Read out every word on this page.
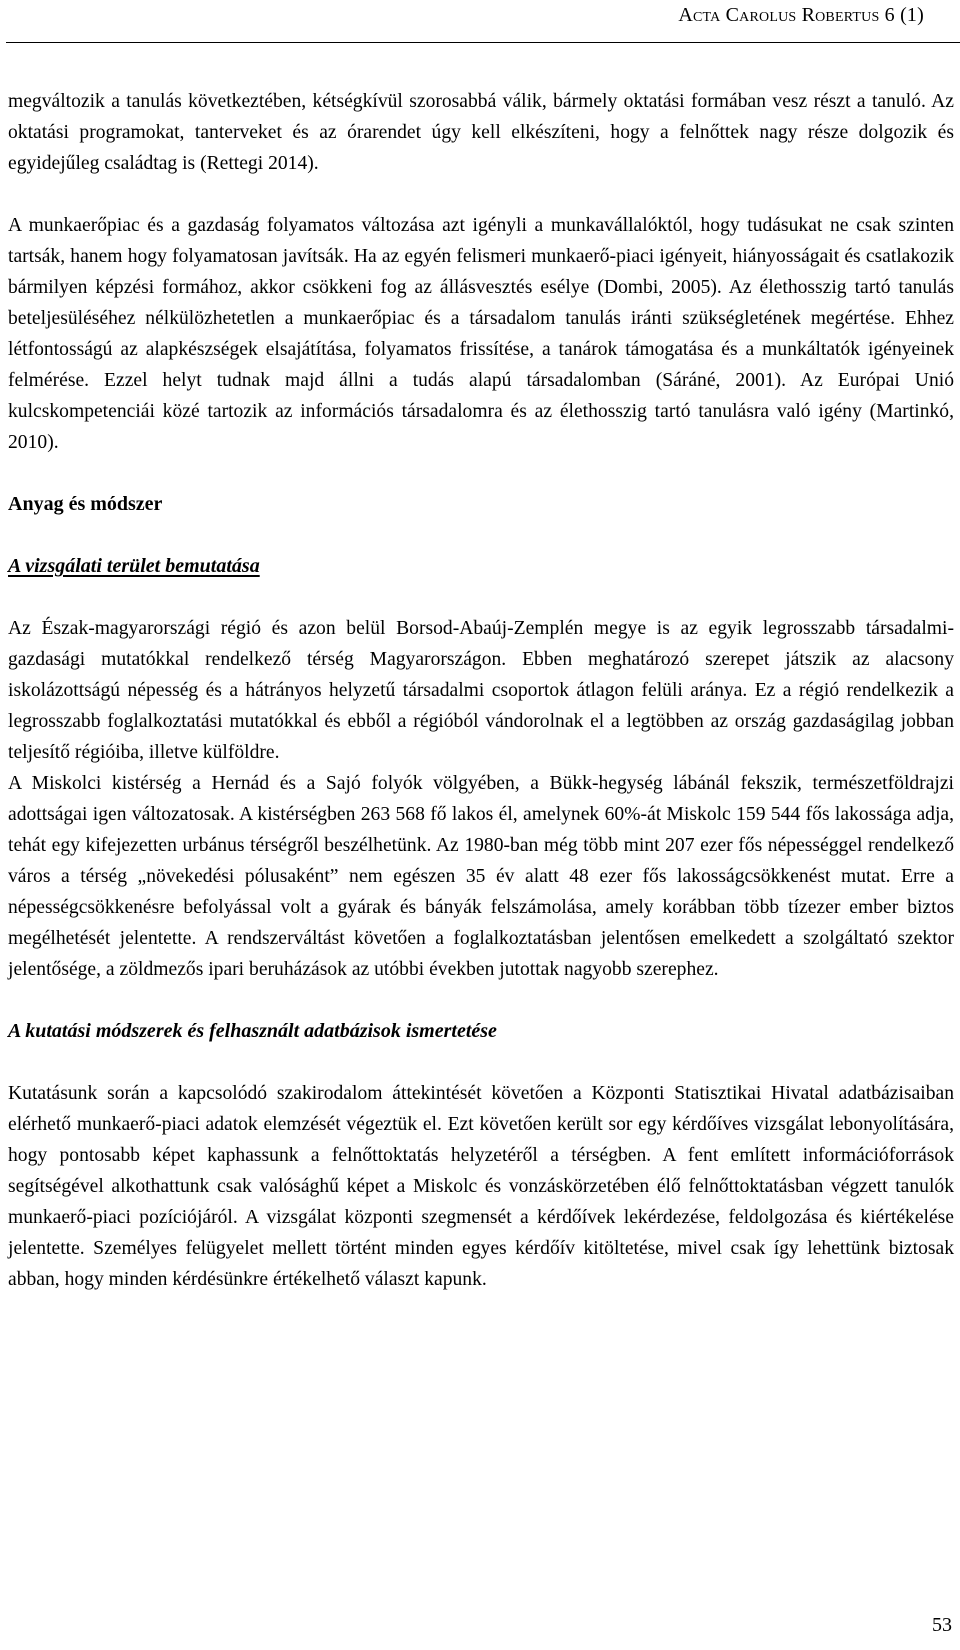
Acta Carolus Robertus 6 (1)

megváltozik a tanulás következtében, kétségkívül szorosabbá válik, bármely oktatási formában vesz részt a tanuló. Az oktatási programokat, tanterveket és az órarendet úgy kell elkészíteni, hogy a felnőttek nagy része dolgozik és egyidejűleg családtag is (Rettegi 2014).

A munkaerőpiac és a gazdaság folyamatos változása azt igényli a munkavállalóktól, hogy tudásukat ne csak szinten tartsák, hanem hogy folyamatosan javítsák. Ha az egyén felismeri munkaerő-piaci igényeit, hiányosságait és csatlakozik bármilyen képzési formához, akkor csökkeni fog az állásvesztés esélye (Dombi, 2005). Az élethosszig tartó tanulás beteljesüléséhez nélkülözhetetlen a munkaerőpiac és a társadalom tanulás iránti szükségletének megértése. Ehhez létfontosságú az alapkészségek elsajátítása, folyamatos frissítése, a tanárok támogatása és a munkáltatók igényeinek felmérése. Ezzel helyt tudnak majd állni a tudás alapú társadalomban (Sáráné, 2001). Az Európai Unió kulcskompetenciái közé tartozik az információs társadalomra és az élethosszig tartó tanulásra való igény (Martinkó, 2010).

Anyag és módszer

A vizsgálati terület bemutatása

Az Észak-magyarországi régió és azon belül Borsod-Abaúj-Zemplén megye is az egyik legrosszabb társadalmi-gazdasági mutatókkal rendelkező térség Magyarországon. Ebben meghatározó szerepet játszik az alacsony iskolázottságú népesség és a hátrányos helyzetű társadalmi csoportok átlagon felüli aránya. Ez a régió rendelkezik a legrosszabb foglalkoztatási mutatókkal és ebből a régióból vándorolnak el a legtöbben az ország gazdaságilag jobban teljesítő régióiba, illetve külföldre.

A Miskolci kistérség a Hernád és a Sajó folyók völgyében, a Bükk-hegység lábánál fekszik, természetföldrajzi adottságai igen változatosak. A kistérségben 263 568 fő lakos él, amelynek 60%-át Miskolc 159 544 fős lakossága adja, tehát egy kifejezetten urbánus térségről beszélhetünk. Az 1980-ban még több mint 207 ezer fős népességgel rendelkező város a térség „növekedési pólusaként” nem egészen 35 év alatt 48 ezer fős lakosságcsökkenést mutat. Erre a népességcsökkenésre befolyással volt a gyárak és bányák felszámolása, amely korábban több tízezer ember biztos megélhetését jelentette. A rendszerváltást követően a foglalkoztatásban jelentősen emelkedett a szolgáltató szektor jelentősége, a zöldmezős ipari beruházások az utóbbi években jutottak nagyobb szerephez.

A kutatási módszerek és felhasznált adatbázisok ismertetése

Kutatásunk során a kapcsolódó szakirodalom áttekintését követően a Központi Statisztikai Hivatal adatbázisaiban elérhető munkaerő-piaci adatok elemzését végeztük el. Ezt követően került sor egy kérdőíves vizsgálat lebonyolítására, hogy pontosabb képet kaphassunk a felnőttoktatás helyzetéről a térségben. A fent említett információforrások segítségével alkothattunk csak valósághű képet a Miskolc és vonzáskörzetében élő felnőttoktatásban végzett tanulók munkaerő-piaci pozíciójáról. A vizsgálat központi szegmensét a kérdőívek lekérdezése, feldolgozása és kiértékelése jelentette. Személyes felügyelet mellett történt minden egyes kérdőív kitöltetése, mivel csak így lehettünk biztosak abban, hogy minden kérdésünkre értékelhető választ kapunk.

53
